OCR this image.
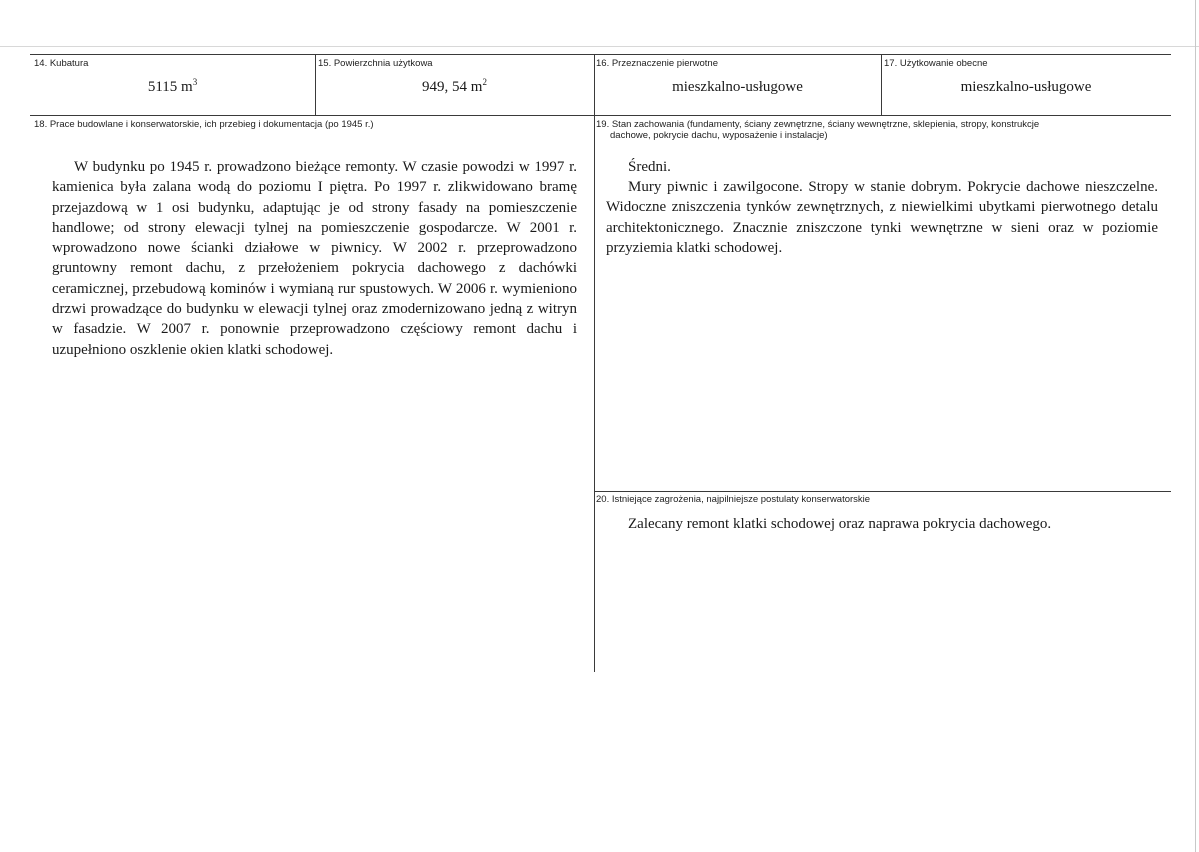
14. Kubatura
5115 $m^3$
15. Powierzchnia użytkowa
949, 54 $m^2$
16. Przeznaczenie pierwotne
mieszkalno-usługowe
17. Użytkowanie obecne
mieszkalno-usługowe
18. Prace budowlane i konserwatorskie, ich przebieg i dokumentacja (po 1945 r.)

W budynku po 1945 r. prowadzono bieżące remonty. W czasie powodzi w 1997 r. kamienica była zalana wodą do poziomu I piętra. Po 1997 r. zlikwidowano bramę przejazdową w 1 osi budynku, adaptując je od strony fasady na pomieszczenie handlowe; od strony elewacji tylnej na pomieszczenie gospodarcze. W 2001 r. wprowadzono nowe ścianki działowe w piwnicy. W 2002 r. przeprowadzono gruntowny remont dachu, z przełożeniem pokrycia dachowego z dachówki ceramicznej, przebudową kominów i wymianą rur spustowych. W 2006 r. wymieniono drzwi prowadzące do budynku w elewacji tylnej oraz zmodernizowano jedną z witryn w fasadzie. W 2007 r. ponownie przeprowadzono częściowy remont dachu i uzupełniono oszklenie okien klatki schodowej.

19. Stan zachowania (fundamenty, ściany zewnętrzne, ściany wewnętrzne, sklepienia, stropy, konstrukcje
dachowe, pokrycie dachu, wyposażenie i instalacje)
Średni.

Mury piwnic i zawilgocone. Stropy w stanie dobrym. Pokrycie dachowe nieszczelne. Widoczne zniszczenia tynków zewnętrznych, z niewielkimi ubytkami pierwotnego detalu architektonicznego. Znacznie zniszczone tynki wewnętrzne w sieni oraz w poziomie przyziemia klatki schodowej.

20. Istniejące zagrożenia, najpilniejsze postulaty konserwatorskie
Zalecany remont klatki schodowej oraz naprawa pokrycia dachowego.
